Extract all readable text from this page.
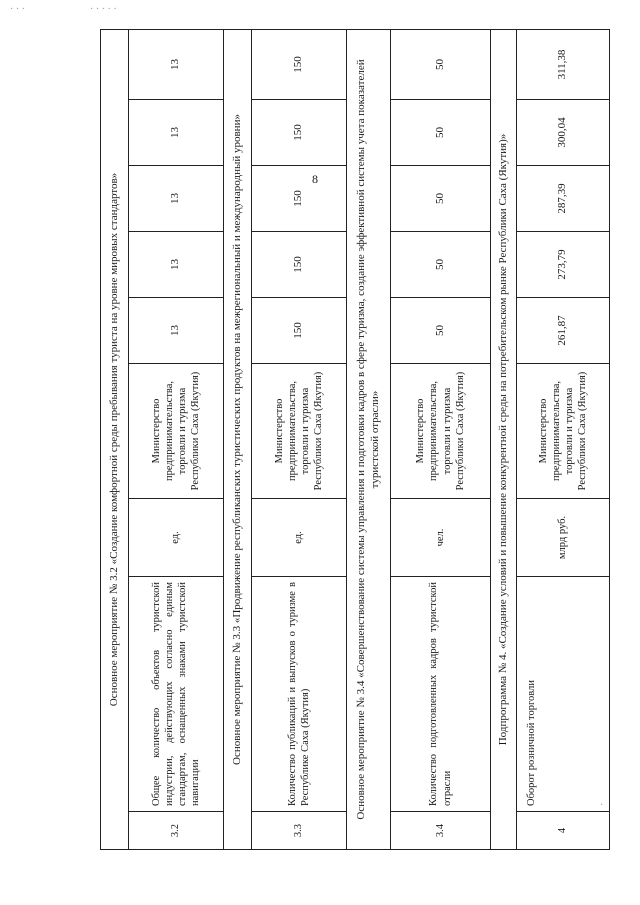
· · ·	· · · · ·
·
8
Основное мероприятие № 3.2 «Создание комфортной среды пребывания туриста на уровне мировых стандартов»								
3.2	Общее количество объектов туристской индустрии, действующих согласно единым стандартам, оснащенных знаками туристской навигации	ед.	Министерство предпринимательства, торговли и туризма Республики Саха (Якутия)	13	13	13	13	13
Основное мероприятие № 3.3 «Продвижение республиканских туристических продуктов на межрегиональный и международный уровни»								
3.3	Количество публикаций и выпусков о туризме в Республике Саха (Якутия)	ед.	Министерство предпринимательства, торговли и туризма Республики Саха (Якутия)	150	150	150	150	150
Основное мероприятие № 3.4 «Совершенствование системы управления и подготовки кадров в сфере туризма, создание эффективной системы учета показателей туристской отрасли»								
3.4	Количество подготовленных кадров туристской отрасли	чел.	Министерство предпринимательства, торговли и туризма Республики Саха (Якутия)	50	50	50	50	50
Подпрограмма № 4. «Создание условий и повышение конкурентной среды на потребительском рынке Республики Саха (Якутия)»								
4	Оборот розничной торговли	млрд руб.	Министерство предпринимательства, торговли и туризма Республики Саха (Якутия)	261,87	273,79	287,39	300,04	311,38
